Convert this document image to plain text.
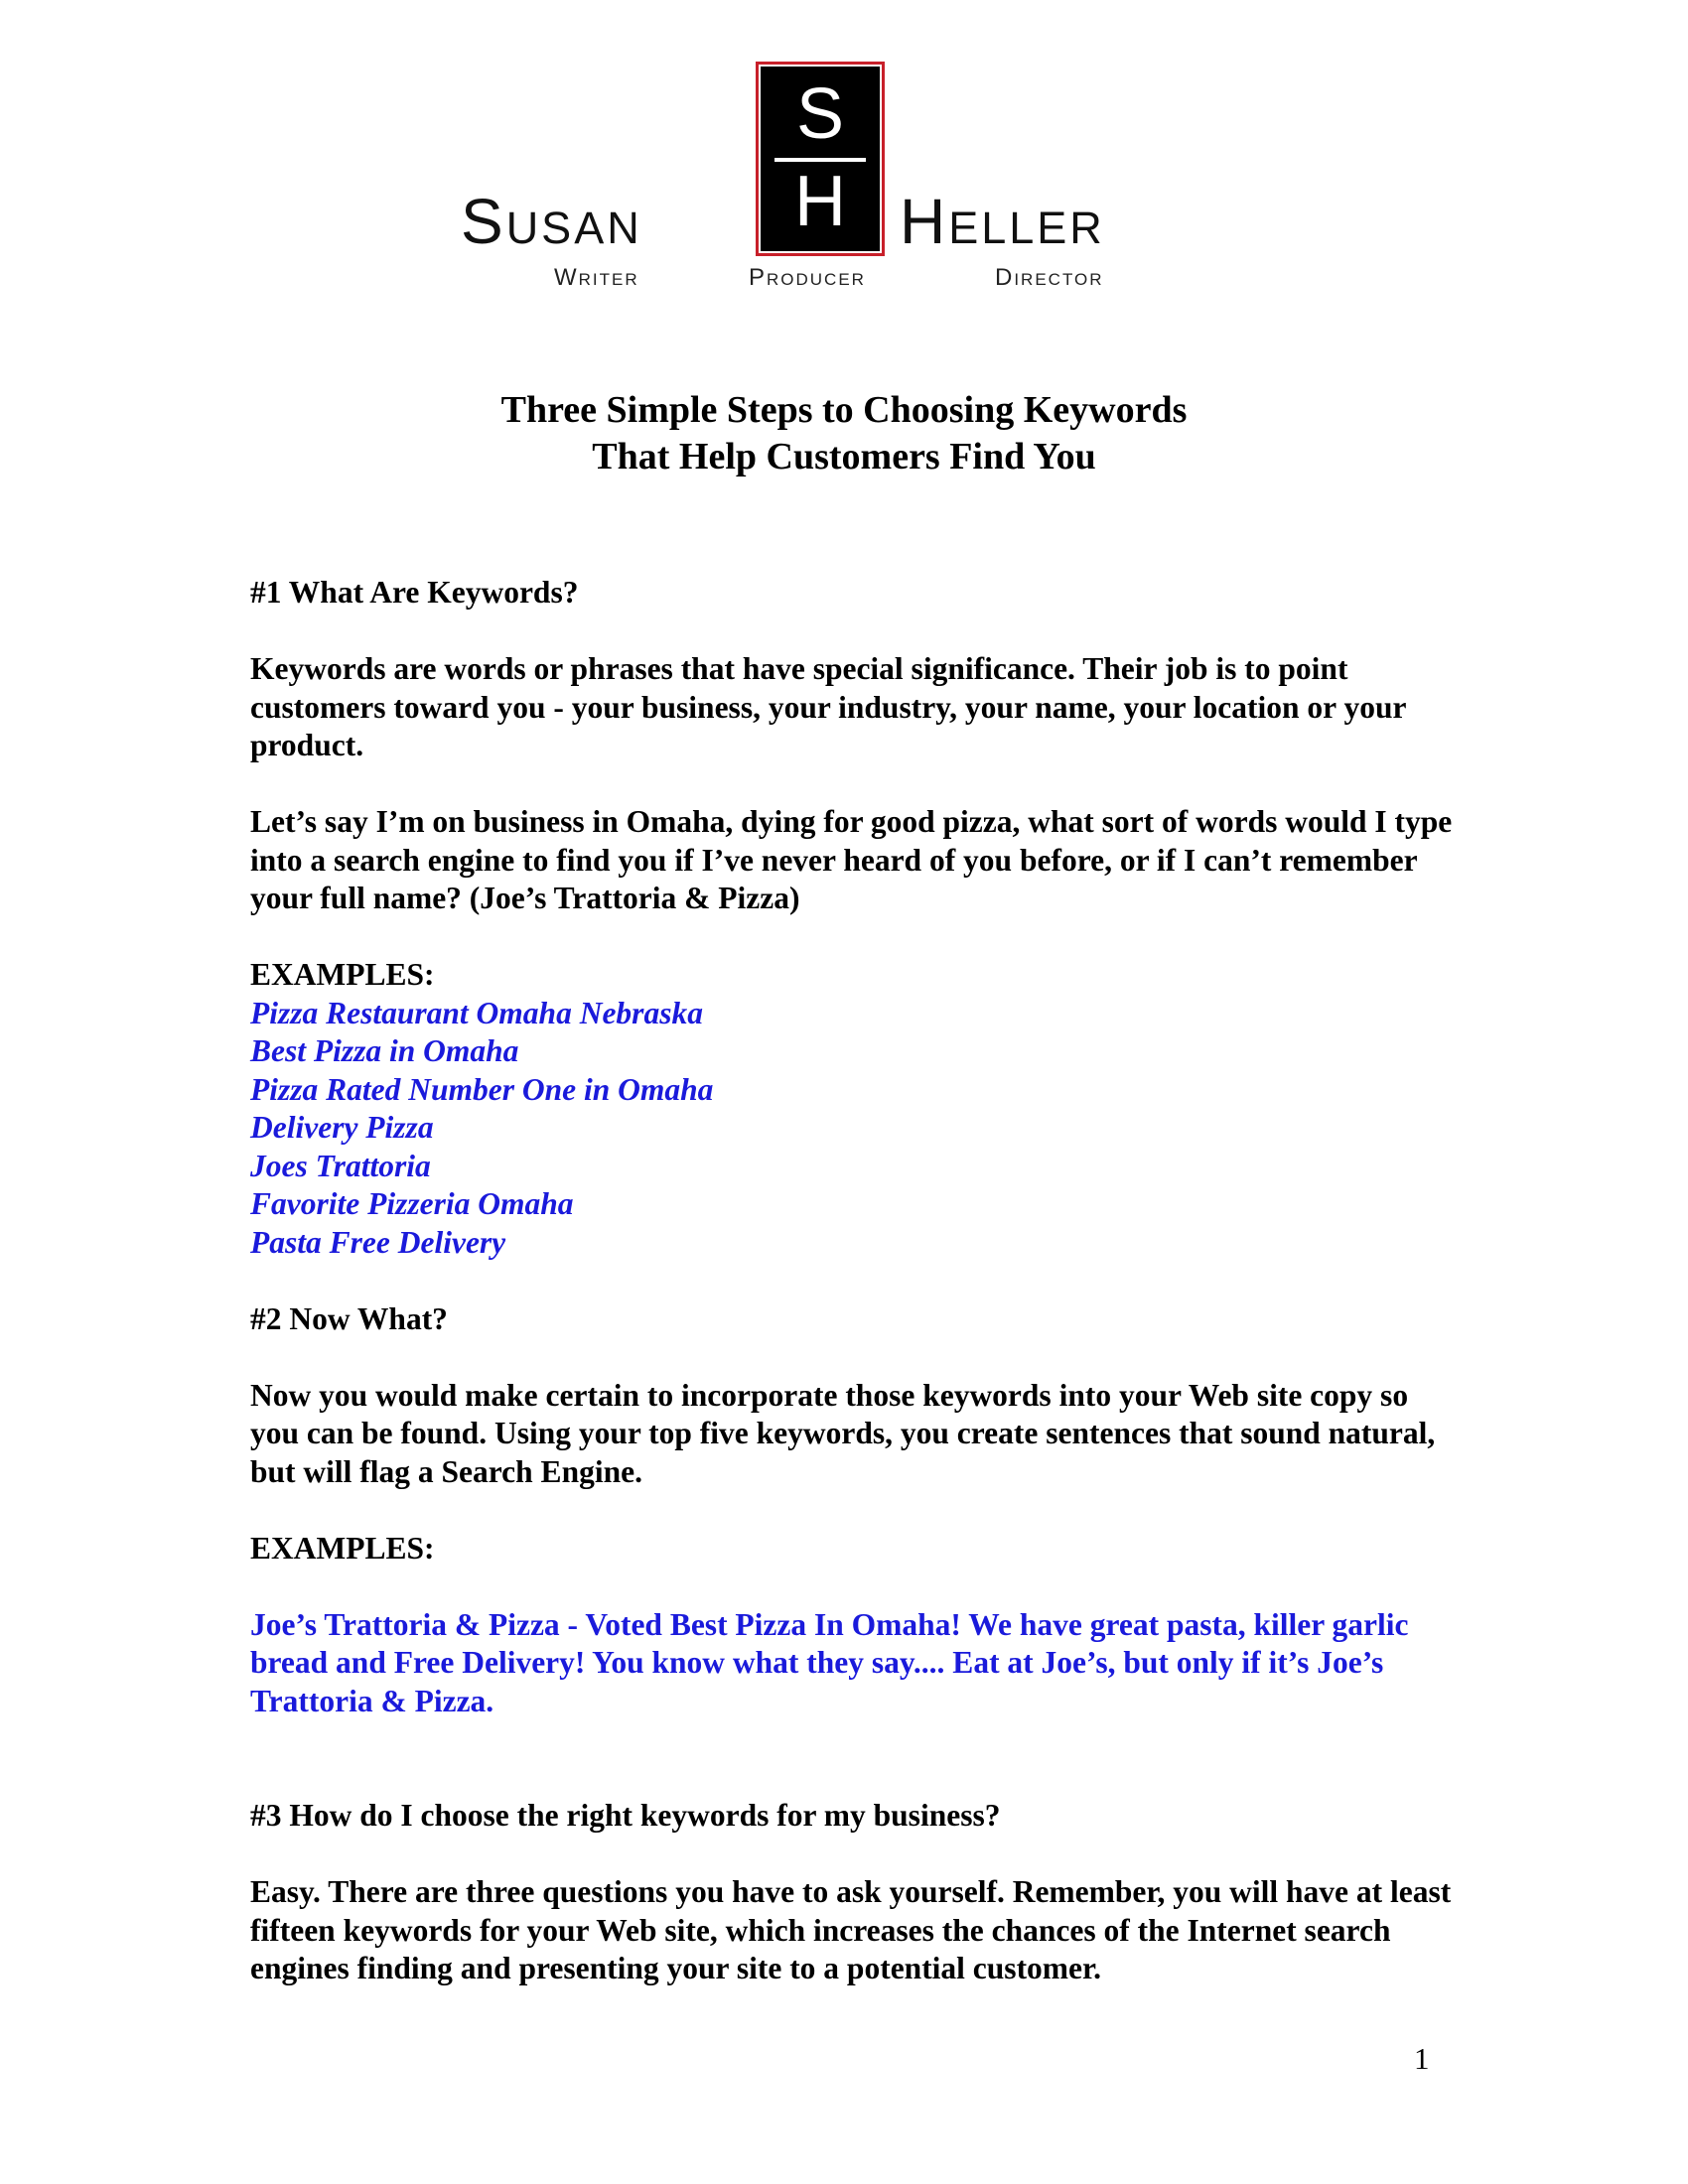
Susan
S
H Heller
Writer	Producer	Director
Three Simple Steps to Choosing Keywords
That Help Customers Find You

#1 What Are Keywords?

Keywords are words or phrases that have special significance. Their job is to point customers toward you - your business, your industry, your name, your location or your product.

Let’s say I’m on business in Omaha, dying for good pizza, what sort of words would I type into a search engine to find you if I’ve never heard of you before, or if I can’t remember your full name? (Joe’s Trattoria & Pizza)

EXAMPLES:

Pizza Restaurant Omaha Nebraska

Best Pizza in Omaha

Pizza Rated Number One in Omaha

Delivery Pizza

Joes Trattoria

Favorite Pizzeria Omaha

Pasta Free Delivery

#2 Now What?

Now you would make certain to incorporate those keywords into your Web site copy so you can be found. Using your top five keywords, you create sentences that sound natural, but will flag a Search Engine.

EXAMPLES:

Joe’s Trattoria & Pizza - Voted Best Pizza In Omaha! We have great pasta, killer garlic bread and Free Delivery! You know what they say.... Eat at Joe’s, but only if it’s Joe’s Trattoria & Pizza.

#3 How do I choose the right keywords for my business?

Easy. There are three questions you have to ask yourself. Remember, you will have at least fifteen keywords for your Web site, which increases the chances of the Internet search engines finding and presenting your site to a potential customer.

1
